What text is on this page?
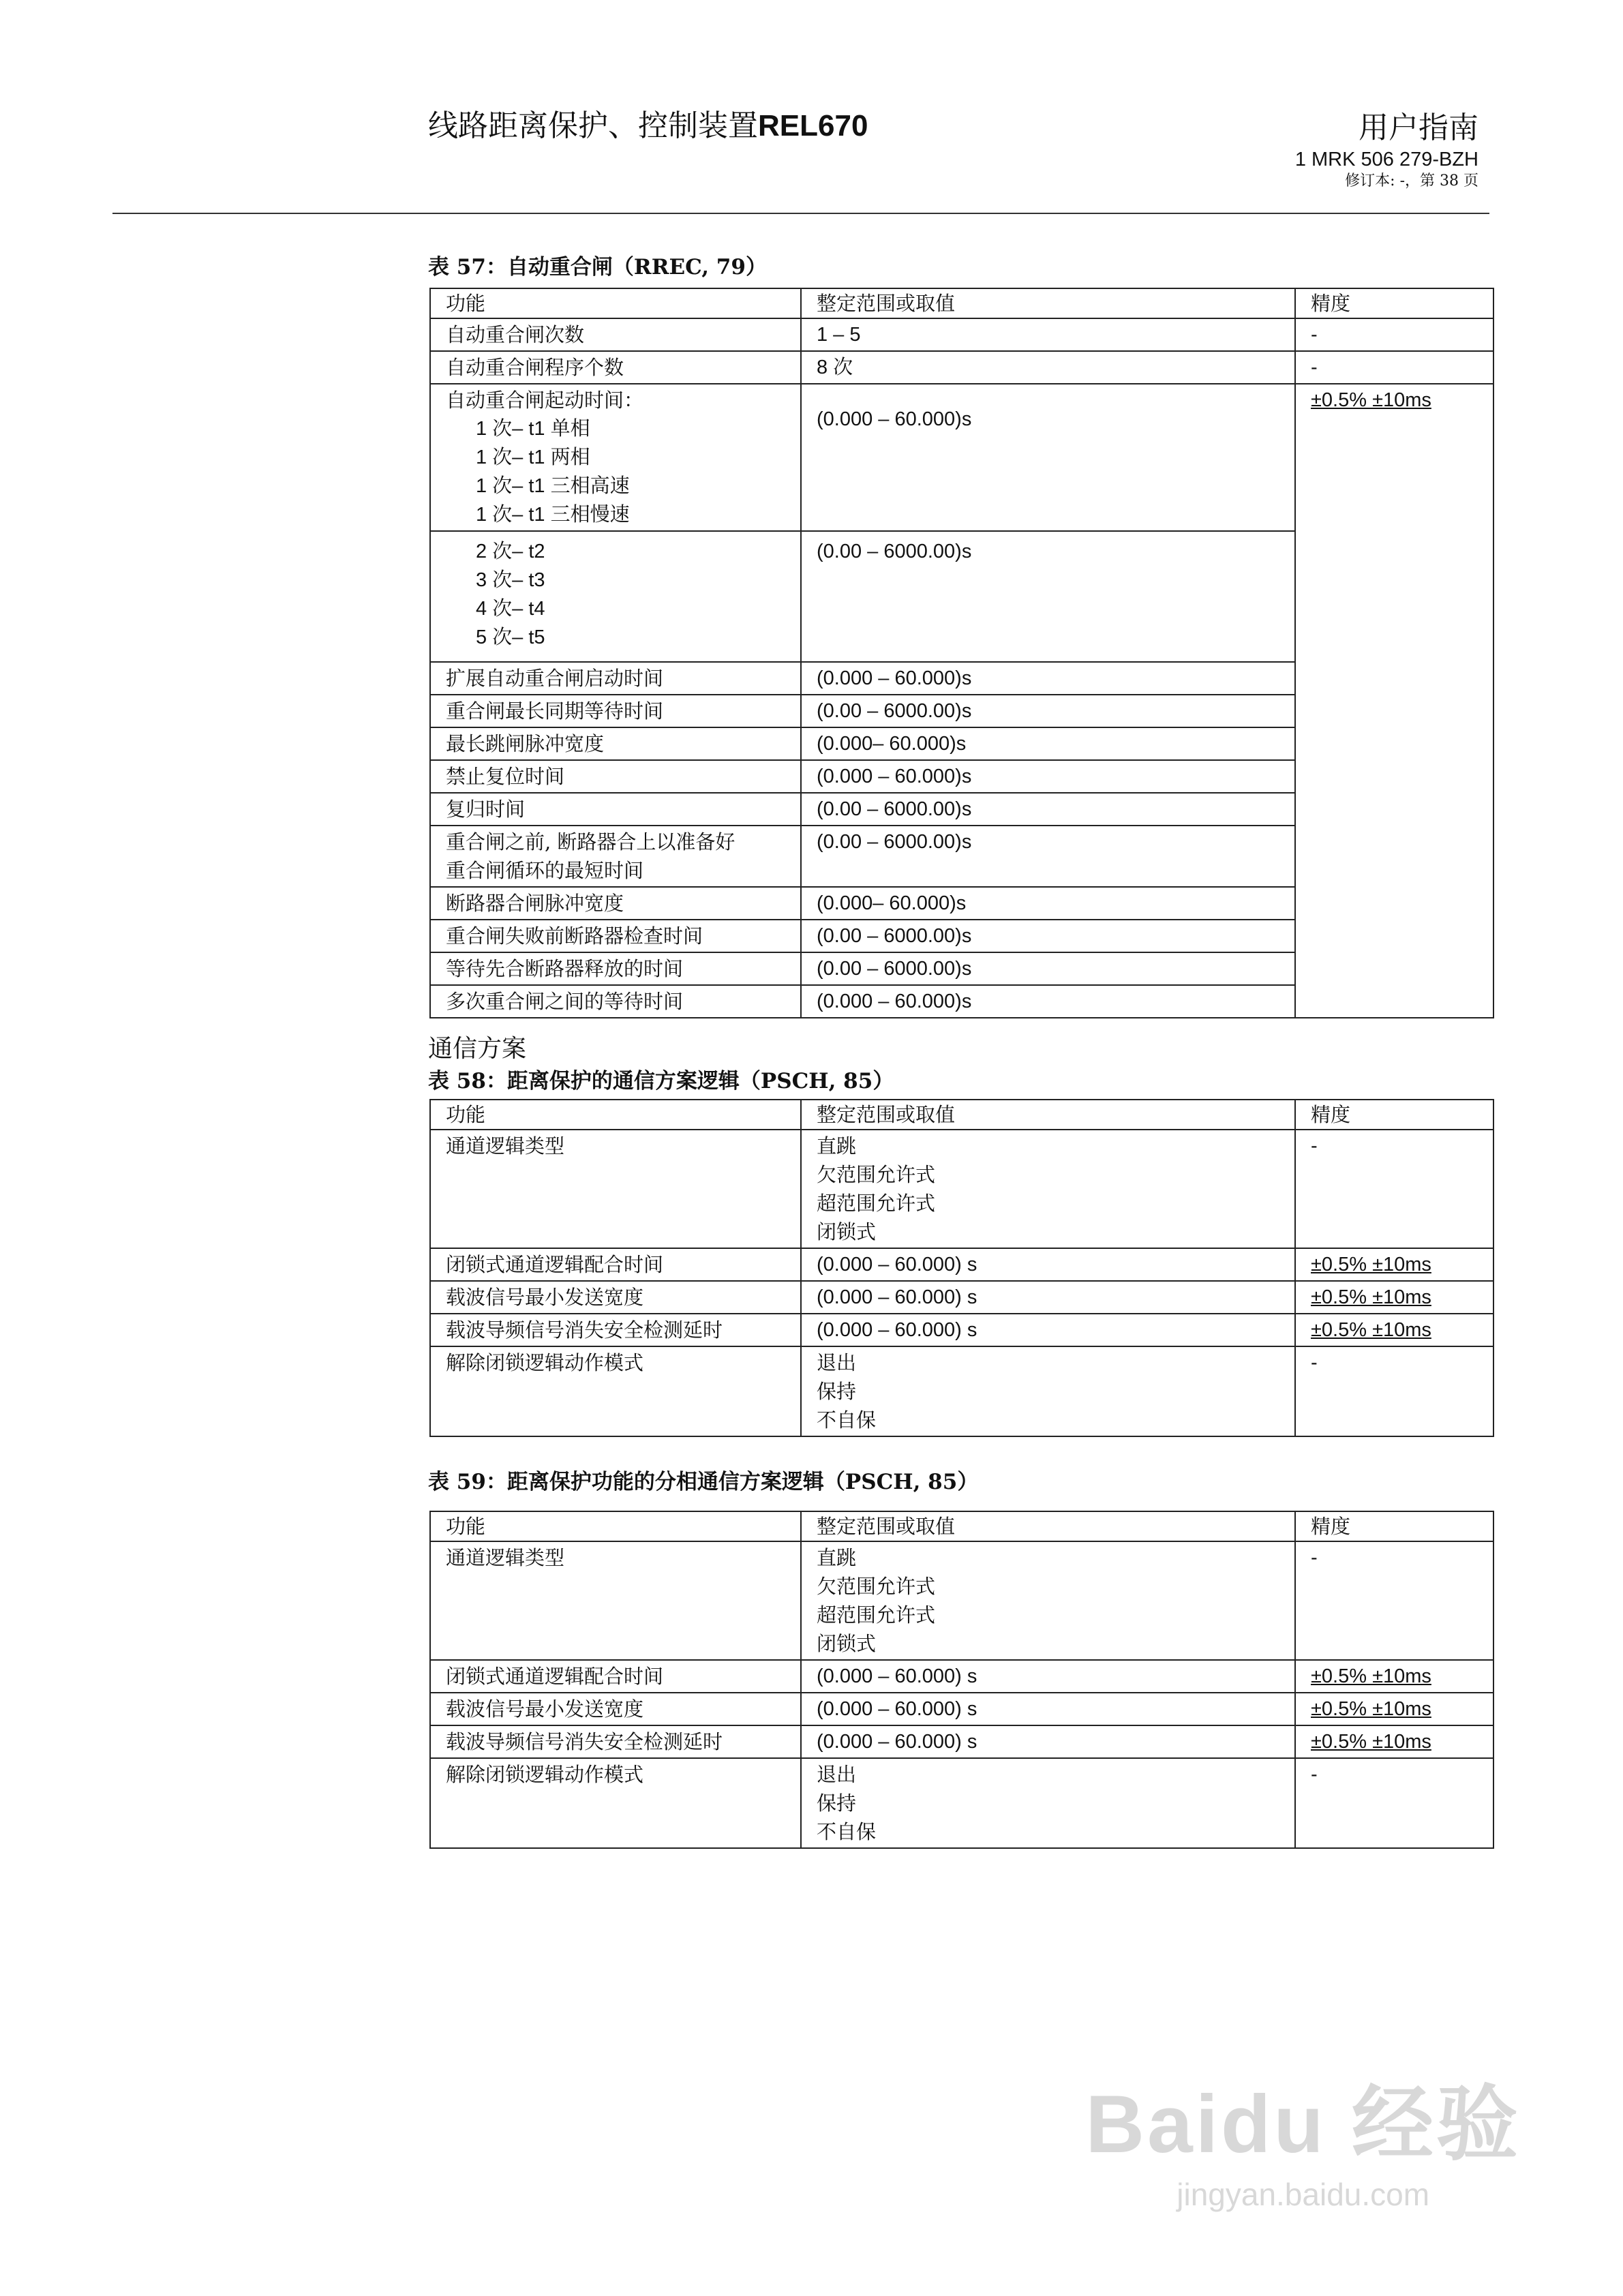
线路距离保护、控制装置REL670	用户指南
1 MRK 506 279-BZH
修订本: -，第 38 页
表 57：自动重合闸（RREC, 79）
功能	整定范围或取值	精度
自动重合闸次数	1 – 5	-
自动重合闸程序个数	8 次	-

自动重合闸起动时间：
1 次– t1 单相
1 次– t1 两相
1 次– t1 三相高速
1 次– t1 三相慢速	(0.000 – 60.000)s	±0.5% ±10ms

2 次– t2
3 次– t3
4 次– t4
5 次– t5	(0.00 – 6000.00)s	
扩展自动重合闸启动时间	(0.000 – 60.000)s	
重合闸最长同期等待时间	(0.00 – 6000.00)s	
最长跳闸脉冲宽度	(0.000– 60.000)s	
禁止复位时间	(0.000 – 60.000)s	
复归时间	(0.00 – 6000.00)s	

重合闸之前, 断路器合上以准备好
重合闸循环的最短时间	(0.00 – 6000.00)s	
断路器合闸脉冲宽度	(0.000– 60.000)s	
重合闸失败前断路器检查时间	(0.00 – 6000.00)s	
等待先合断路器释放的时间	(0.00 – 6000.00)s	
多次重合闸之间的等待时间	(0.000 – 60.000)s	
通信方案
表 58：距离保护的通信方案逻辑（PSCH, 85）
功能	整定范围或取值	精度
通道逻辑类型	直跳
欠范围允许式
超范围允许式
闭锁式	-
闭锁式通道逻辑配合时间	(0.000 – 60.000) s	±0.5% ±10ms
载波信号最小发送宽度	(0.000 – 60.000) s	±0.5% ±10ms
载波导频信号消失安全检测延时	(0.000 – 60.000) s	±0.5% ±10ms
解除闭锁逻辑动作模式	退出
保持
不自保	-
表 59：距离保护功能的分相通信方案逻辑（PSCH, 85）
功能	整定范围或取值	精度
通道逻辑类型	直跳
欠范围允许式
超范围允许式
闭锁式	-
闭锁式通道逻辑配合时间	(0.000 – 60.000) s	±0.5% ±10ms
载波信号最小发送宽度	(0.000 – 60.000) s	±0.5% ±10ms
载波导频信号消失安全检测延时	(0.000 – 60.000) s	±0.5% ±10ms
解除闭锁逻辑动作模式	退出
保持
不自保	-
Baidu 经验
jingyan.baidu.com
